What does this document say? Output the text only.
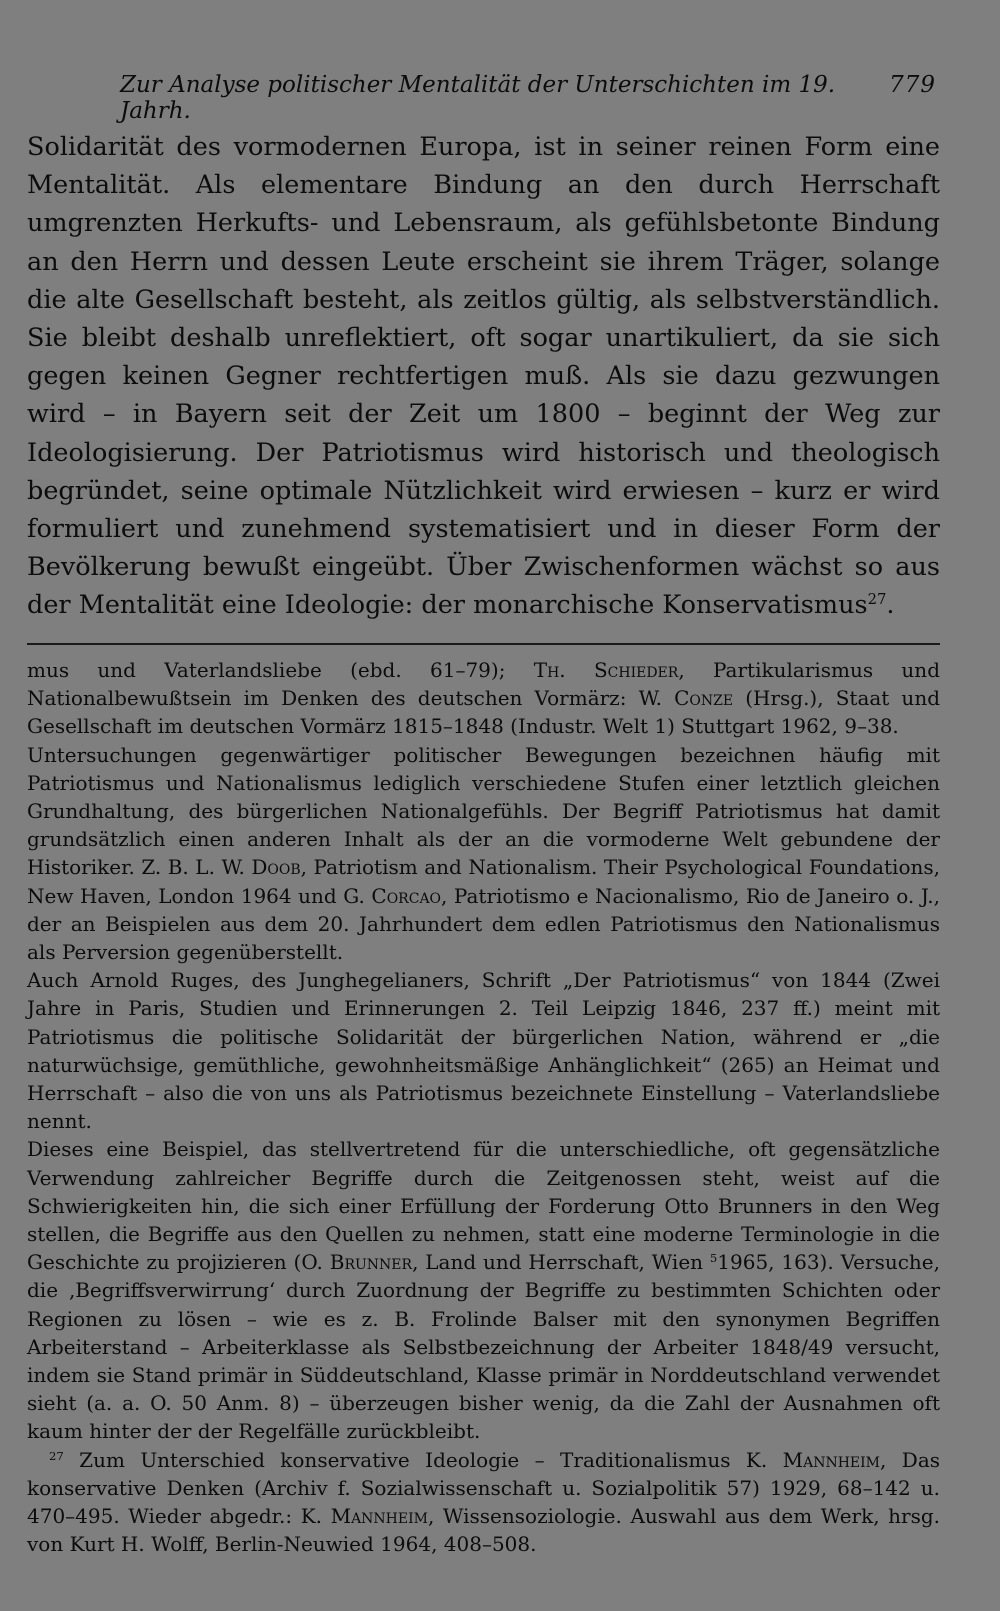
Zur Analyse politischer Mentalität der Unterschichten im 19. Jahrh.
779

Solidarität des vormodernen Europa, ist in seiner reinen Form eine Mentalität. Als elementare Bindung an den durch Herrschaft umgrenzten Herkufts- und Lebensraum, als gefühlsbetonte Bindung an den Herrn und dessen Leute erscheint sie ihrem Träger, solange die alte Gesellschaft besteht, als zeitlos gültig, als selbstverständlich. Sie bleibt deshalb unreflektiert, oft sogar unartikuliert, da sie sich gegen keinen Gegner rechtfertigen muß. Als sie dazu gezwungen wird – in Bayern seit der Zeit um 1800 – beginnt der Weg zur Ideologisierung. Der Patriotismus wird historisch und theologisch begründet, seine optimale Nützlichkeit wird erwiesen – kurz er wird formuliert und zunehmend systematisiert und in dieser Form der Bevölkerung bewußt eingeübt. Über Zwischenformen wächst so aus der Mentalität eine Ideologie: der monarchische Konservatismus$^{27}$.

mus und Vaterlandsliebe (ebd. 61–79); Th. Schieder, Partikularismus und Nationalbewußtsein im Denken des deutschen Vormärz: W. Conze (Hrsg.), Staat und Gesellschaft im deutschen Vormärz 1815–1848 (Industr. Welt 1) Stuttgart 1962, 9–38.

Untersuchungen gegenwärtiger politischer Bewegungen bezeichnen häufig mit Patriotismus und Nationalismus lediglich verschiedene Stufen einer letztlich gleichen Grundhaltung, des bürgerlichen Nationalgefühls. Der Begriff Patriotismus hat damit grundsätzlich einen anderen Inhalt als der an die vormoderne Welt gebundene der Historiker. Z. B. L. W. Doob, Patriotism and Nationalism. Their Psychological Foundations, New Haven, London 1964 und G. Corcao, Patriotismo e Nacionalismo, Rio de Janeiro o. J., der an Beispielen aus dem 20. Jahrhundert dem edlen Patriotismus den Nationalismus als Perversion gegenüberstellt.

Auch Arnold Ruges, des Junghegelianers, Schrift „Der Patriotismus“ von 1844 (Zwei Jahre in Paris, Studien und Erinnerungen 2. Teil Leipzig 1846, 237 ff.) meint mit Patriotismus die politische Solidarität der bürgerlichen Nation, während er „die naturwüchsige, gemüthliche, gewohnheitsmäßige Anhänglichkeit“ (265) an Heimat und Herrschaft – also die von uns als Patriotismus bezeichnete Einstellung – Vaterlandsliebe nennt.

Dieses eine Beispiel, das stellvertretend für die unterschiedliche, oft gegensätzliche Verwendung zahlreicher Begriffe durch die Zeitgenossen steht, weist auf die Schwierigkeiten hin, die sich einer Erfüllung der Forderung Otto Brunners in den Weg stellen, die Begriffe aus den Quellen zu nehmen, statt eine moderne Terminologie in die Geschichte zu projizieren (O. Brunner, Land und Herrschaft, Wien $^5$1965, 163). Versuche, die ‚Begriffsverwirrung‘ durch Zuordnung der Begriffe zu bestimmten Schichten oder Regionen zu lösen – wie es z. B. Frolinde Balser mit den synonymen Begriffen Arbeiterstand – Arbeiterklasse als Selbstbezeichnung der Arbeiter 1848/49 versucht, indem sie Stand primär in Süddeutschland, Klasse primär in Norddeutschland verwendet sieht (a. a. O. 50 Anm. 8) – überzeugen bisher wenig, da die Zahl der Ausnahmen oft kaum hinter der der Regelfälle zurückbleibt.

$^{27}$ Zum Unterschied konservative Ideologie – Traditionalismus K. Mannheim, Das konservative Denken (Archiv f. Sozialwissenschaft u. Sozialpolitik 57) 1929, 68–142 u. 470–495. Wieder abgedr.: K. Mannheim, Wissensoziologie. Auswahl aus dem Werk, hrsg. von Kurt H. Wolff, Berlin-Neuwied 1964, 408–508.
